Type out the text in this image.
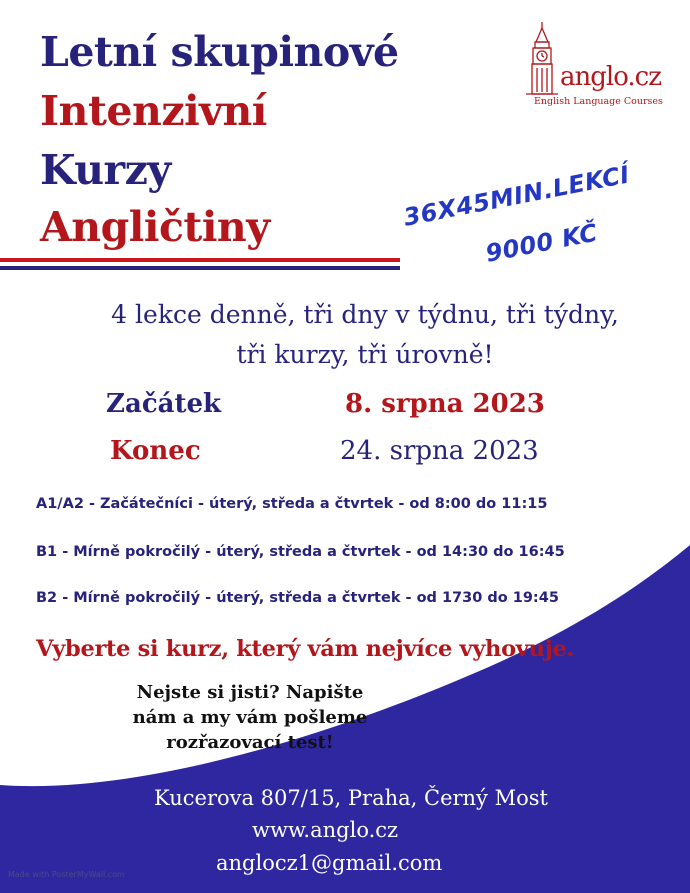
Letní skupinové
Intenzivní
Kurzy
Angličtiny
anglo.cz
English Language Courses

36X45MIN.LEKCÍ

9000 KČ

4 lekce denně, tři dny v týdnu, tři týdny,

tři kurzy, tři úrovně!

Začátek	8. srpna 2023

Konec	24. srpna 2023

A1/A2 - Začátečníci - úterý, středa a čtvrtek - od 8:00 do 11:15

B1 - Mírně pokročilý - úterý, středa a čtvrtek - od 14:30 do 16:45

B2 - Mírně pokročilý - úterý, středa a čtvrtek - od 1730 do 19:45

Vyberte si kurz, který vám nejvíce vyhovuje.

Nejste si jisti? Napište

nám a my vám pošleme

rozřazovací test!

Kucerova 807/15, Praha, Černý Most

www.anglo.cz

anglocz1@gmail.com

Made with PosterMyWall.com
